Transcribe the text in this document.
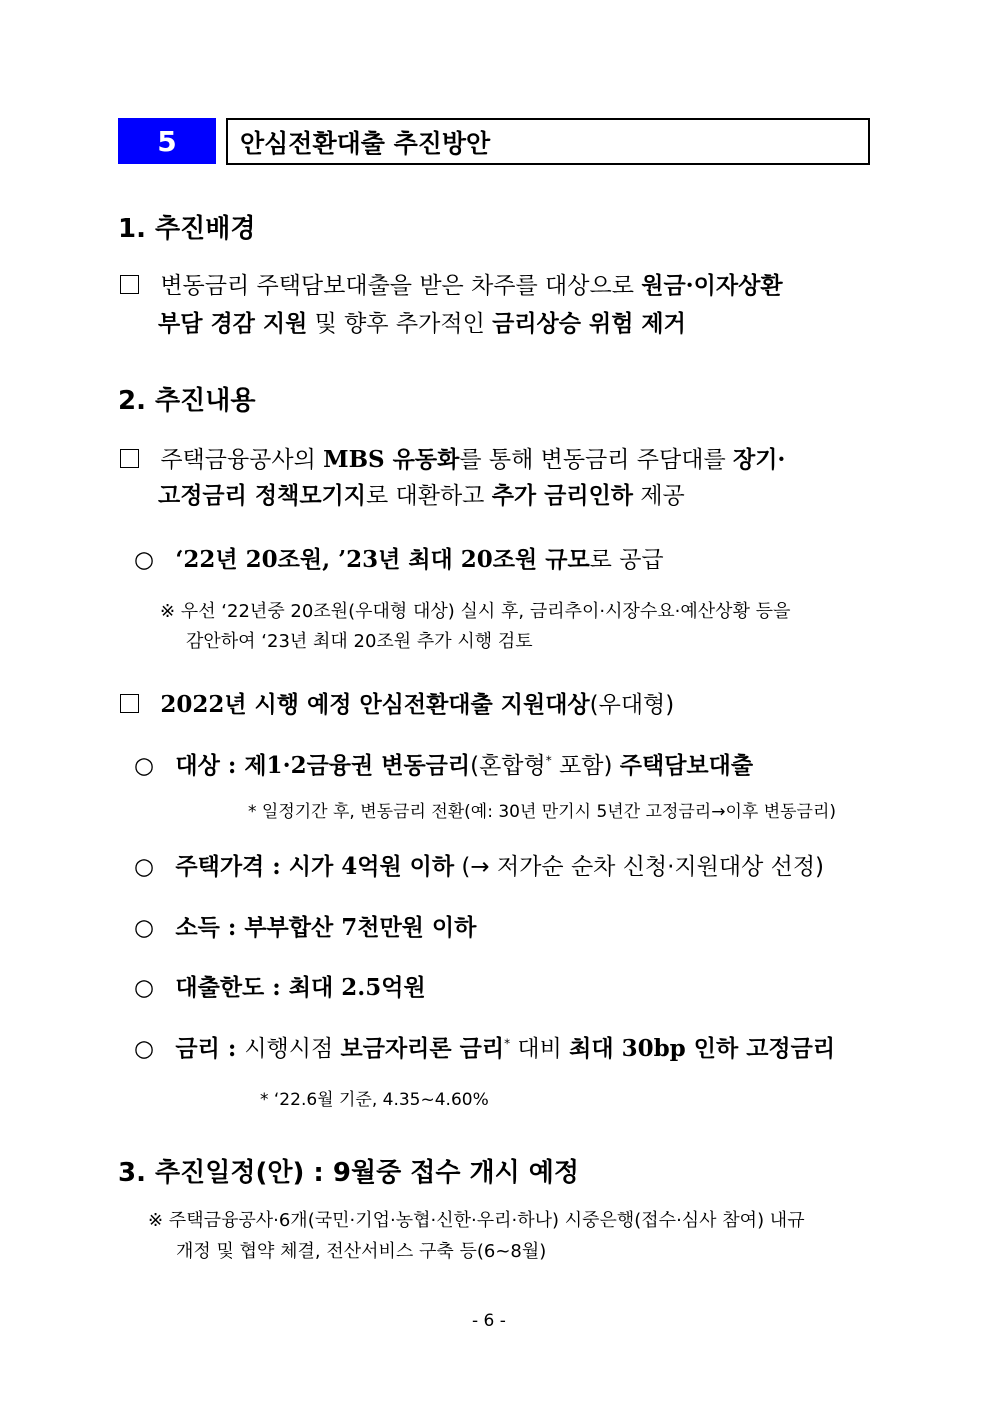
5	안심전환대출 추진방안
1. 추진배경
변동금리 주택담보대출을 받은 차주를 대상으로 원금·이자상환
부담 경감 지원 및 향후 추가적인 금리상승 위험 제거
2. 추진내용
주택금융공사의 MBS 유동화를 통해 변동금리 주담대를 장기·
고정금리 정책모기지로 대환하고 추가 금리인하 제공
○ ‘22년 20조원, ’23년 최대 20조원 규모로 공급
※ 우선 ‘22년중 20조원(우대형 대상) 실시 후, 금리추이·시장수요·예산상황 등을
감안하여 ‘23년 최대 20조원 추가 시행 검토
2022년 시행 예정 안심전환대출 지원대상(우대형)
○ 대상 : 제1·2금융권 변동금리(혼합형* 포함) 주택담보대출
* 일정기간 후, 변동금리 전환(예: 30년 만기시 5년간 고정금리→이후 변동금리)
○ 주택가격 : 시가 4억원 이하 (→ 저가순 순차 신청·지원대상 선정)
○ 소득 : 부부합산 7천만원 이하
○ 대출한도 : 최대 2.5억원
○ 금리 : 시행시점 보금자리론 금리* 대비 최대 30bp 인하 고정금리
* ‘22.6월 기준, 4.35~4.60%
3. 추진일정(안) : 9월중 접수 개시 예정
※ 주택금융공사·6개(국민·기업·농협·신한·우리·하나) 시중은행(접수·심사 참여) 내규
개정 및 협약 체결, 전산서비스 구축 등(6~8월)
- 6 -
